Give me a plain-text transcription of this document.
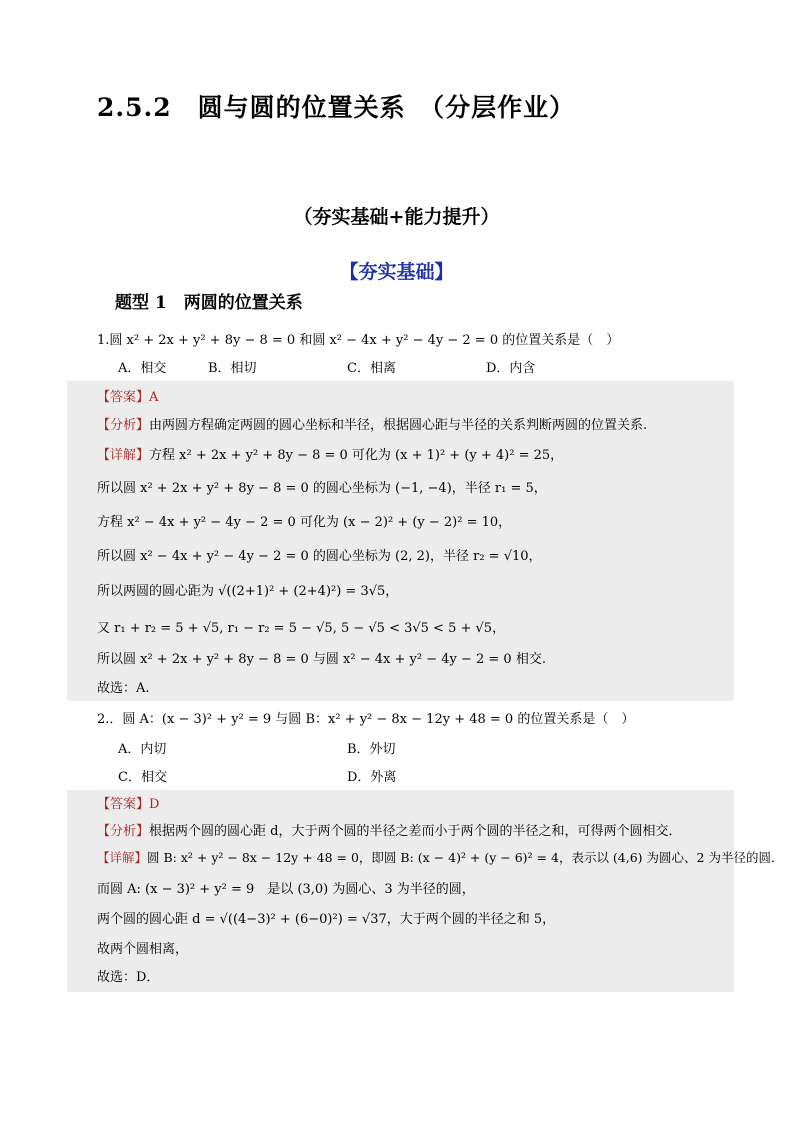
2.5.2　圆与圆的位置关系　（分层作业）
（夯实基础+能力提升）
【夯实基础】
题型 1　两圆的位置关系
1.圆 x² + 2x + y² + 8y − 8 = 0 和圆 x² − 4x + y² − 4y − 2 = 0 的位置关系是（　）
A．相交	B．相切	C．相离	D．内含
【答案】A
【分析】由两圆方程确定两圆的圆心坐标和半径，根据圆心距与半径的关系判断两圆的位置关系.
【详解】方程 x² + 2x + y² + 8y − 8 = 0 可化为 (x + 1)² + (y + 4)² = 25，
所以圆 x² + 2x + y² + 8y − 8 = 0 的圆心坐标为 (−1, −4)，半径 r₁ = 5，
方程 x² − 4x + y² − 4y − 2 = 0 可化为 (x − 2)² + (y − 2)² = 10，
所以圆 x² − 4x + y² − 4y − 2 = 0 的圆心坐标为 (2, 2)，半径 r₂ = √10，
所以两圆的圆心距为 √((2+1)² + (2+4)²) = 3√5，
又 r₁ + r₂ = 5 + √5, r₁ − r₂ = 5 − √5, 5 − √5 < 3√5 < 5 + √5，
所以圆 x² + 2x + y² + 8y − 8 = 0 与圆 x² − 4x + y² − 4y − 2 = 0 相交.
故选：A.
2.．圆 A：(x − 3)² + y² = 9 与圆 B：x² + y² − 8x − 12y + 48 = 0 的位置关系是（　）
A．内切	B．外切
C．相交	D．外离
【答案】D
【分析】根据两个圆的圆心距 d，大于两个圆的半径之差而小于两个圆的半径之和，可得两个圆相交．
【详解】圆 B: x² + y² − 8x − 12y + 48 = 0，即圆 B: (x − 4)² + (y − 6)² = 4，表示以 (4,6) 为圆心、2 为半径的圆．
而圆 A: (x − 3)² + y² = 9　是以 (3,0) 为圆心、3 为半径的圆，
两个圆的圆心距 d = √((4−3)² + (6−0)²) = √37，大于两个圆的半径之和 5，
故两个圆相离，
故选：D．
